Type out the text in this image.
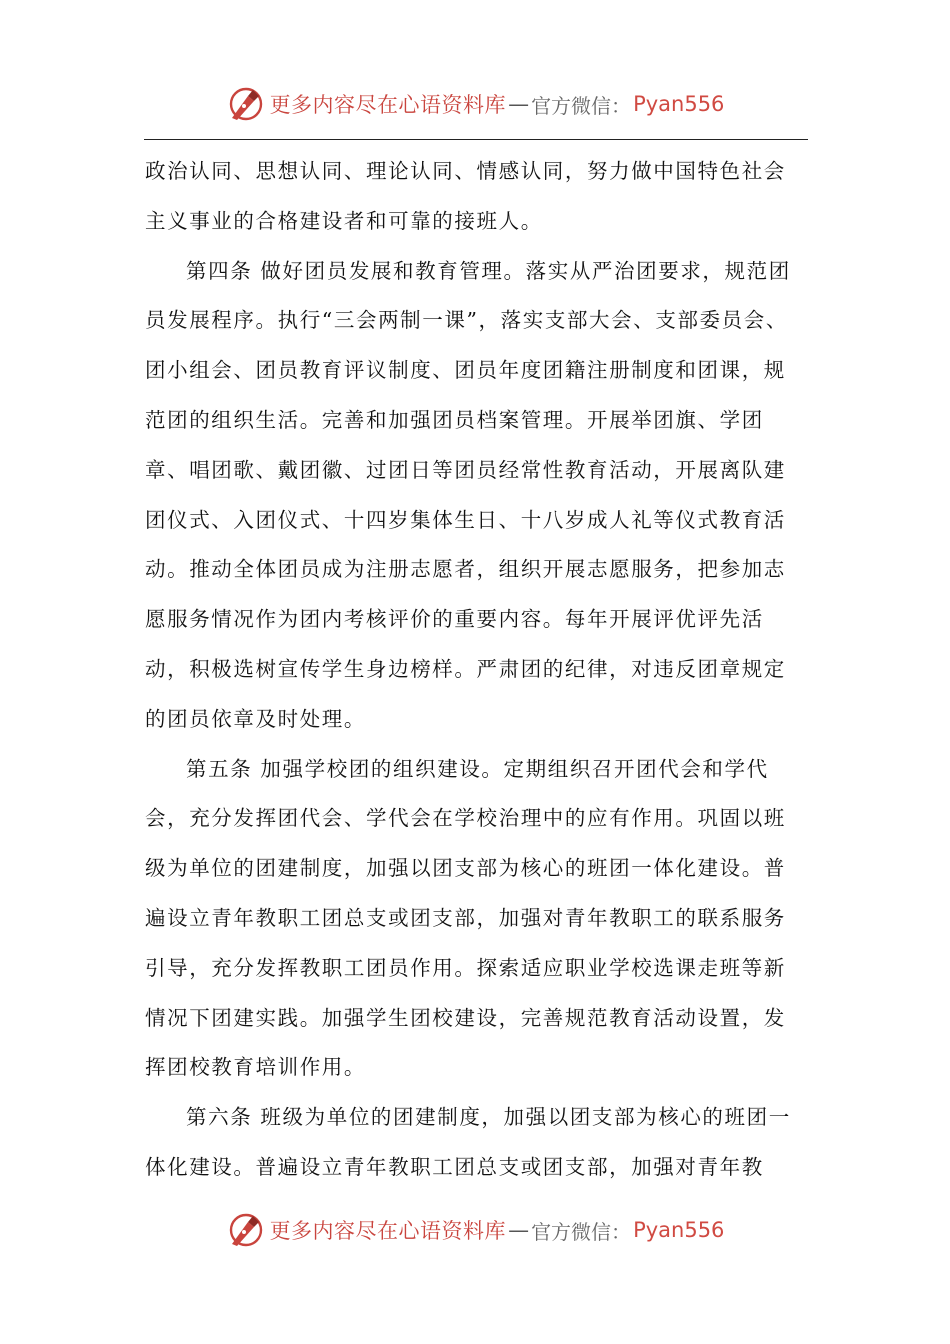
更多内容尽在心语资料库 — 官方微信： Pyan556

政治认同、思想认同、理论认同、情感认同，努力做中国特色社会主义事业的合格建设者和可靠的接班人。

第四条 做好团员发展和教育管理。落实从严治团要求，规范团员发展程序。执行“三会两制一课”，落实支部大会、支部委员会、团小组会、团员教育评议制度、团员年度团籍注册制度和团课，规范团的组织生活。完善和加强团员档案管理。开展举团旗、学团章、唱团歌、戴团徽、过团日等团员经常性教育活动，开展离队建团仪式、入团仪式、十四岁集体生日、十八岁成人礼等仪式教育活动。推动全体团员成为注册志愿者，组织开展志愿服务，把参加志愿服务情况作为团内考核评价的重要内容。每年开展评优评先活动，积极选树宣传学生身边榜样。严肃团的纪律，对违反团章规定的团员依章及时处理。

第五条 加强学校团的组织建设。定期组织召开团代会和学代会，充分发挥团代会、学代会在学校治理中的应有作用。巩固以班级为单位的团建制度，加强以团支部为核心的班团一体化建设。普遍设立青年教职工团总支或团支部，加强对青年教职工的联系服务引导，充分发挥教职工团员作用。探索适应职业学校选课走班等新情况下团建实践。加强学生团校建设，完善规范教育活动设置，发挥团校教育培训作用。

第六条 班级为单位的团建制度，加强以团支部为核心的班团一体化建设。普遍设立青年教职工团总支或团支部，加强对青年教

更多内容尽在心语资料库 — 官方微信： Pyan556
